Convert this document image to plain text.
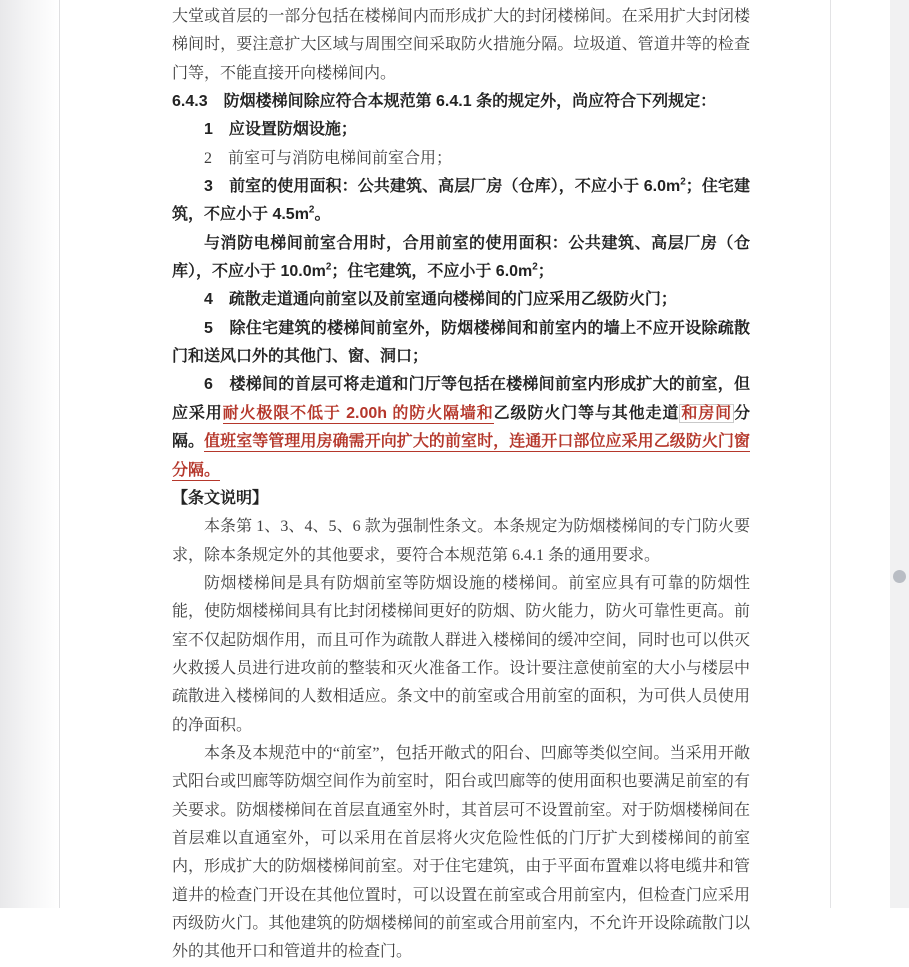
大堂或首层的一部分包括在楼梯间内而形成扩大的封闭楼梯间。在采用扩大封闭楼梯间时，要注意扩大区域与周围空间采取防火措施分隔。垃圾道、管道井等的检查门等，不能直接开向楼梯间内。

6.4.3　防烟楼梯间除应符合本规范第 6.4.1 条的规定外，尚应符合下列规定：

1　应设置防烟设施；

2　前室可与消防电梯间前室合用；

3　前室的使用面积：公共建筑、高层厂房（仓库），不应小于 $6.0m^2$；住宅建筑，不应小于 $4.5m^2$。

与消防电梯间前室合用时，合用前室的使用面积：公共建筑、高层厂房（仓库），不应小于 $10.0m^2$；住宅建筑，不应小于 $6.0m^2$；

4　疏散走道通向前室以及前室通向楼梯间的门应采用乙级防火门；

5　除住宅建筑的楼梯间前室外，防烟楼梯间和前室内的墙上不应开设除疏散门和送风口外的其他门、窗、洞口；

6　楼梯间的首层可将走道和门厅等包括在楼梯间前室内形成扩大的前室，但应采用耐火极限不低于 2.00h 的防火隔墙和乙级防火门等与其他走道 和房间 分隔。值班室等管理用房确需开向扩大的前室时，连通开口部位应采用乙级防火门窗分隔。

【条文说明】

本条第 1、3、4、5、6 款为强制性条文。本条规定为防烟楼梯间的专门防火要求，除本条规定外的其他要求，要符合本规范第 6.4.1 条的通用要求。

防烟楼梯间是具有防烟前室等防烟设施的楼梯间。前室应具有可靠的防烟性能，使防烟楼梯间具有比封闭楼梯间更好的防烟、防火能力，防火可靠性更高。前室不仅起防烟作用，而且可作为疏散人群进入楼梯间的缓冲空间，同时也可以供灭火救援人员进行进攻前的整装和灭火准备工作。设计要注意使前室的大小与楼层中疏散进入楼梯间的人数相适应。条文中的前室或合用前室的面积，为可供人员使用的净面积。

本条及本规范中的“前室”，包括开敞式的阳台、凹廊等类似空间。当采用开敞式阳台或凹廊等防烟空间作为前室时，阳台或凹廊等的使用面积也要满足前室的有关要求。防烟楼梯间在首层直通室外时，其首层可不设置前室。对于防烟楼梯间在首层难以直通室外，可以采用在首层将火灾危险性低的门厅扩大到楼梯间的前室内，形成扩大的防烟楼梯间前室。对于住宅建筑，由于平面布置难以将电缆井和管道井的检查门开设在其他位置时，可以设置在前室或合用前室内，但检查门应采用丙级防火门。其他建筑的防烟楼梯间的前室或合用前室内，不允许开设除疏散门以外的其他开口和管道井的检查门。
